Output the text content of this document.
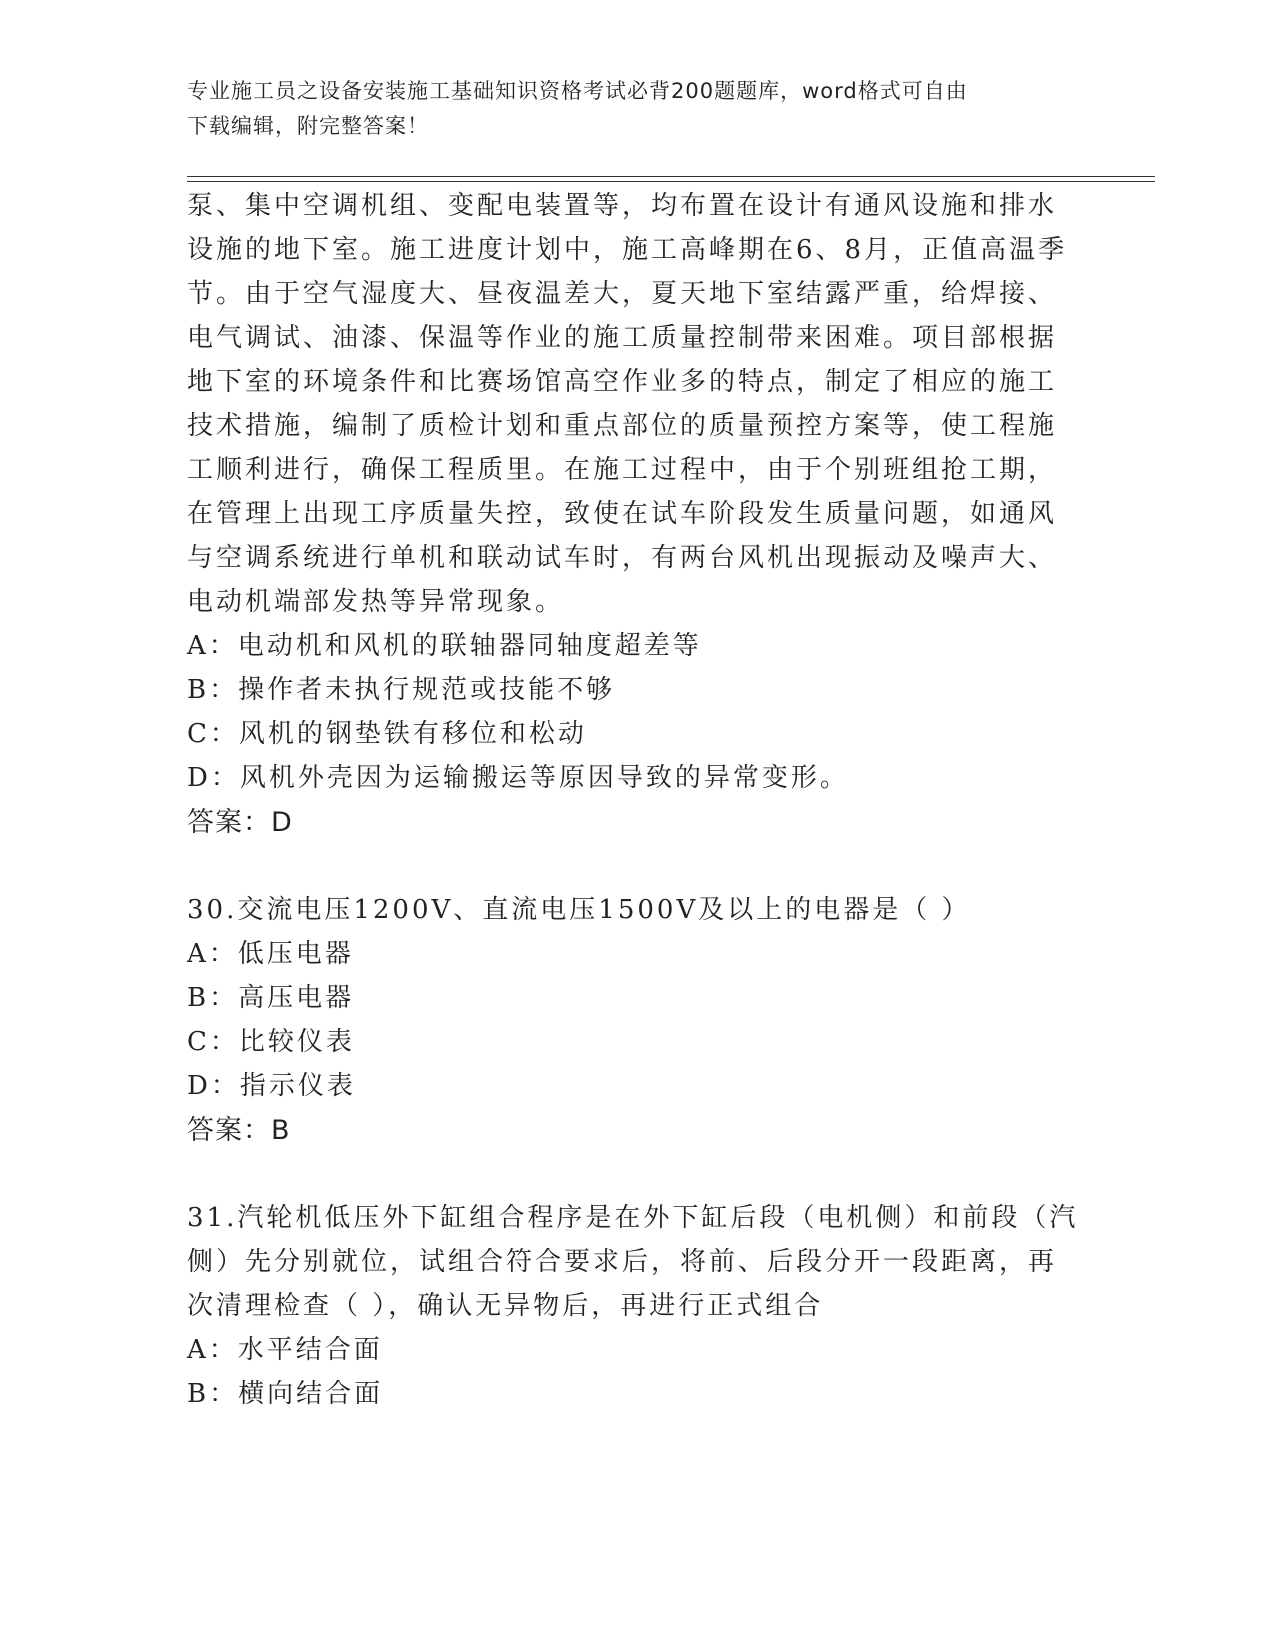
专业施工员之设备安装施工基础知识资格考试必背200题题库，word格式可自由
下载编辑，附完整答案！
泵、集中空调机组、变配电装置等，均布置在设计有通风设施和排水
设施的地下室。施工进度计划中，施工高峰期在6、8月，正值高温季
节。由于空气湿度大、昼夜温差大，夏天地下室结露严重，给焊接、
电气调试、油漆、保温等作业的施工质量控制带来困难。项目部根据
地下室的环境条件和比赛场馆高空作业多的特点，制定了相应的施工
技术措施，编制了质检计划和重点部位的质量预控方案等，使工程施
工顺利进行，确保工程质里。在施工过程中，由于个别班组抢工期，
在管理上出现工序质量失控，致使在试车阶段发生质量问题，如通风
与空调系统进行单机和联动试车时，有两台风机出现振动及噪声大、
电动机端部发热等异常现象。
A：电动机和风机的联轴器同轴度超差等
B：操作者未执行规范或技能不够
C：风机的钢垫铁有移位和松动
D：风机外壳因为运输搬运等原因导致的异常变形。
答案：D
30.交流电压1200V、直流电压1500V及以上的电器是（ ）
A：低压电器
B：高压电器
C：比较仪表
D：指示仪表
答案：B
31.汽轮机低压外下缸组合程序是在外下缸后段（电机侧）和前段（汽
侧）先分别就位，试组合符合要求后，将前、后段分开一段距离，再
次清理检查（ ），确认无异物后，再进行正式组合
A：水平结合面
B：横向结合面
